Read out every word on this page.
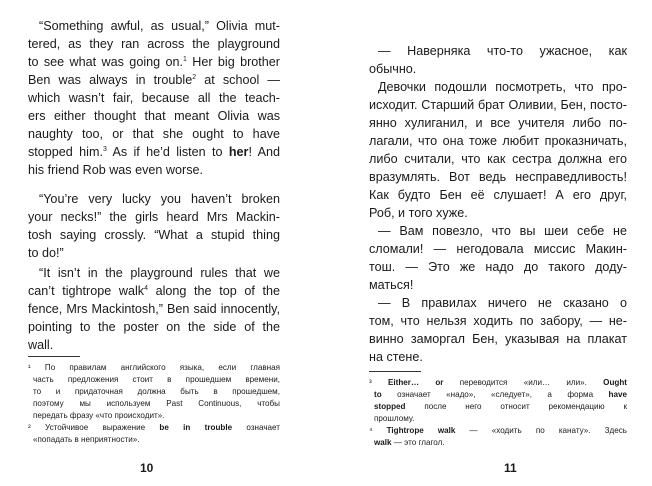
“Something awful, as usual,” Olivia mut-
tered, as they ran across the playground
to see what was going on.$^1$ Her big brother
Ben was always in trouble$^2$ at school —
which wasn’t fair, because all the teach-
ers either thought that meant Olivia was
naughty too, or that she ought to have
stopped him.$^3$ As if he’d listen to her! And
his friend Rob was even worse.
“You’re very lucky you haven’t broken
your necks!” the girls heard Mrs Mackin-
tosh saying crossly. “What a stupid thing
to do!”
“It isn’t in the playground rules that we
can’t tightrope walk$^4$ along the top of the
fence, Mrs Mackintosh,” Ben said innocently,
pointing to the poster on the side of the
wall.
¹ По правилам английского языка, если главная
часть предложения стоит в прошедшем времени,
то и придаточная должна быть в прошедшем,
поэтому мы используем Past Continuous, чтобы
передать фразу «что происходит».
² Устойчивое выражение be in trouble означает
«попадать в неприятности».
10
— Наверняка что-то ужасное, как
обычно.
Девочки подошли посмотреть, что про-
исходит. Старший брат Оливии, Бен, посто-
янно хулиганил, и все учителя либо по-
лагали, что она тоже любит проказничать,
либо считали, что как сестра должна его
вразумлять. Вот ведь несправедливость!
Как будто Бен её слушает! А его друг,
Роб, и того хуже.
— Вам повезло, что вы шеи себе не
сломали! — негодовала миссис Макин-
тош. — Это же надо до такого доду-
маться!
— В правилах ничего не сказано о
том, что нельзя ходить по забору, — не-
винно заморгал Бен, указывая на плакат
на стене.
³ Either… or переводится «или… или». Ought
to означает «надо», «следует», а форма have
stopped после него относит рекомендацию к
прошлому.
⁴ Tightrope walk — «ходить по канату». Здесь
walk — это глагол.
11
